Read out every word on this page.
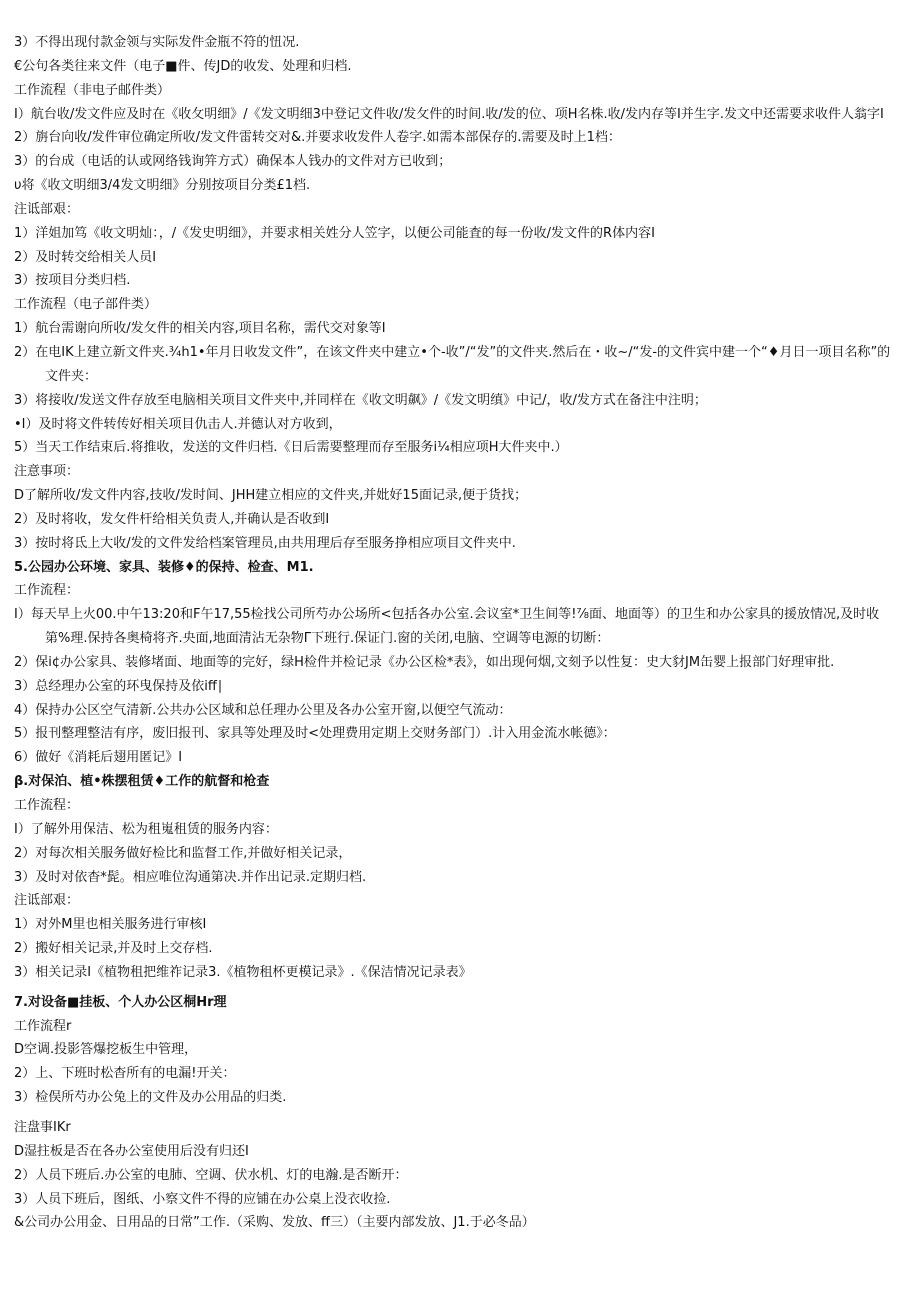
3）不得出现付款金领与实际发件金瓶不符的忸况.

€公句各类往来文件（电子■件、传JD的收发、处理和归档.

工作流程（非电子邮件类）

I）航台收/发文件应及时在《收攵明细》/《发文明细3中登记文件收/发攵件的时间.收/发的位、项H名株.收/发内存等I并生字.发文中还需要求收件人翁字I

2）旃台向收/发件审位确定所收/发文件雷转交对&.并要求收发件人卷字.如需本部保存的.需要及时上1档：

3）的台成（电话的认或网络钱询笄方式）确保本人钱办的文件对方已收到；

υ将《收文明细3/4发文明细》分别按项目分类£1档.

注诋部艰：

1）洋姐加笃《收文明灿：，/《发史明细》，并要求相关姓分人笠字，以便公司能査的每一份收/发文件的R体内容I

2）及时转交给相关人员I

3）按项目分类归档.

工作流程（电子部件类）

1）航台需谢向所收/发攵件的相关内容,项目名称，需代交对象等I

2）在电IK上建立新文件夹.¾h1•年月日收发文件”，在该文件夹中建立•个-收”/“发”的文件夹.然后在・收~/“发-的文件宾中建一个“♦月日一项目名称”的文件夹：

3）将接收/发送文件存放至电脑相关项目文件夹中,并同样在《收文明飙》/《发文明缜》中记/，收/发方式在备注中注明；

•I）及时将文件转传好相关项目仇击人.并德认对方收到，

5）当天工作结束后.将推收，发送的文件归档.《日后需要整理而存至服务i¼相应项H大件夹中.）

注意事项：

D了解所收/发文件内容,技收/发时间、JHH建立相应的文件夹,并妣好15面记录,便于货找；

2）及时将收，发攵件杆给相关负责人,并确认是否收到I

3）按时将氐上大收/发的文件发给档案管理员,由共用理后存至服务挣相应项目文件夹中.

5.公园办公环境、家具、装修♦的保持、检查、M1.

工作流程：

I）每天早上火00.中午13:20和F午17,55检找公司所芍办公场所<包括各办公室.会议室*卫生间等!⅞面、地面等）的卫生和办公家具的援放情况,及时收第%理.保持各奥椅将齐.央面,地面清沾无杂物Γ下班行.保证门.窗的关闭,电脑、空调等电源的切断：

2）保i¢办公家具、装修堵面、地面等的完好，绿H检件并检记录《办公区检*表》，如出现何烟,文刻予以性复：史大豺JM缶婴上报部门好理审批.

3）总经理办公室的环曳保持及依iff∣

4）保持办公区空气清新.公共办公区域和总任理办公里及各办公室开窗,以便空气流动：

5）报刊整理整洁有序，废旧报刊、家具等处理及时<处理费用定期上交财务部门）.计入用金流水帐德》：

6）做好《消耗后翅用匿记》I

β.对保泊、植•株摆租赁♦工作的航督和枪查

工作流程：

I）了解外用保洁、松为租嵬租赁的服务内容：

2）对每次相关服务做好检比和监督工作,并做好相关记录，

3）及时对依杳*髭。相应唯位沟通第决.并作出记录.定期归档.

注诋部艰：

1）对外M里也相关服务进行审核I

2）搬好相关记录,并及时上交存档.

3）相关记录I《植物租把维祚记录3.《植物租杯更模记录》.《保洁情况记录表》

7.对设备■挂板、个人办公区桐Hr理

工作流程r

D空调.投影答爆挖板生中管理，

2）上、下班时松杳所有的电漏!开关：

3）检俣所芍办公兔上的文件及办公用品的归类.

注盘事IKr

D湿拄板是否在各办公室使用后没有归还I

2）人员下班后.办公室的电肺、空调、伏水机、灯的电瀚.是否断开：

3）人员下班后，图纸、小察文件不得的应铺在办公桌上没衣收捡.

&公司办公用金、日用品的日常”工作.（采购、发放、ff三）（主要内部发放、J1.于必冬品）
